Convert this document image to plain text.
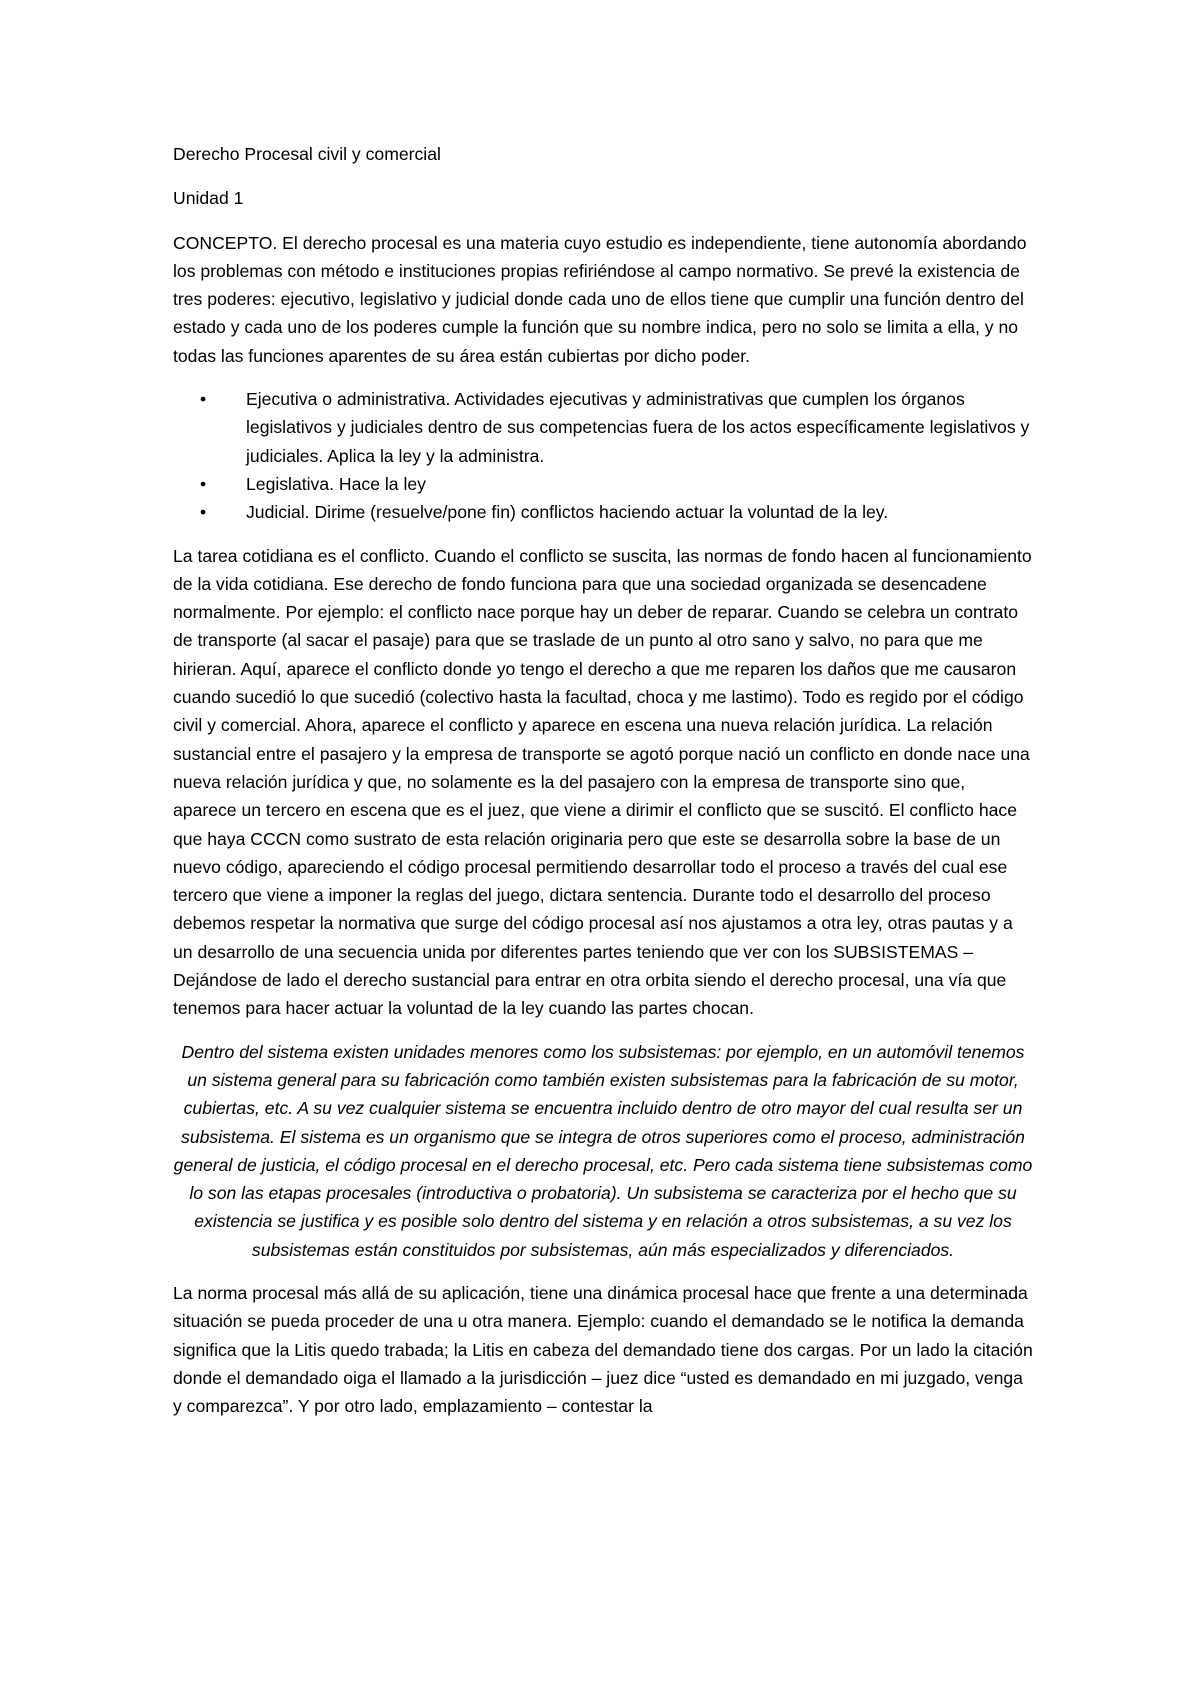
Derecho Procesal civil y comercial
Unidad 1

CONCEPTO. El derecho procesal es una materia cuyo estudio es independiente, tiene autonomía abordando los problemas con método e instituciones propias refiriéndose al campo normativo. Se prevé la existencia de tres poderes: ejecutivo, legislativo y judicial donde cada uno de ellos tiene que cumplir una función dentro del estado y cada uno de los poderes cumple la función que su nombre indica, pero no solo se limita a ella, y no todas las funciones aparentes de su área están cubiertas por dicho poder.

• Ejecutiva o administrativa. Actividades ejecutivas y administrativas que cumplen los órganos legislativos y judiciales dentro de sus competencias fuera de los actos específicamente legislativos y judiciales. Aplica la ley y la administra.
• Legislativa. Hace la ley
• Judicial. Dirime (resuelve/pone fin) conflictos haciendo actuar la voluntad de la ley.

La tarea cotidiana es el conflicto. Cuando el conflicto se suscita, las normas de fondo hacen al funcionamiento de la vida cotidiana. Ese derecho de fondo funciona para que una sociedad organizada se desencadene normalmente. Por ejemplo: el conflicto nace porque hay un deber de reparar. Cuando se celebra un contrato de transporte (al sacar el pasaje) para que se traslade de un punto al otro sano y salvo, no para que me hirieran. Aquí, aparece el conflicto donde yo tengo el derecho a que me reparen los daños que me causaron cuando sucedió lo que sucedió (colectivo hasta la facultad, choca y me lastimo). Todo es regido por el código civil y comercial. Ahora, aparece el conflicto y aparece en escena una nueva relación jurídica. La relación sustancial entre el pasajero y la empresa de transporte se agotó porque nació un conflicto en donde nace una nueva relación jurídica y que, no solamente es la del pasajero con la empresa de transporte sino que, aparece un tercero en escena que es el juez, que viene a dirimir el conflicto que se suscitó. El conflicto hace que haya CCCN como sustrato de esta relación originaria pero que este se desarrolla sobre la base de un nuevo código, apareciendo el código procesal permitiendo desarrollar todo el proceso a través del cual ese tercero que viene a imponer la reglas del juego, dictara sentencia. Durante todo el desarrollo del proceso debemos respetar la normativa que surge del código procesal así nos ajustamos a otra ley, otras pautas y a un desarrollo de una secuencia unida por diferentes partes teniendo que ver con los SUBSISTEMAS – Dejándose de lado el derecho sustancial para entrar en otra orbita siendo el derecho procesal, una vía que tenemos para hacer actuar la voluntad de la ley cuando las partes chocan.

Dentro del sistema existen unidades menores como los subsistemas: por ejemplo, en un automóvil tenemos un sistema general para su fabricación como también existen subsistemas para la fabricación de su motor, cubiertas, etc. A su vez cualquier sistema se encuentra incluido dentro de otro mayor del cual resulta ser un subsistema. El sistema es un organismo que se integra de otros superiores como el proceso, administración general de justicia, el código procesal en el derecho procesal, etc. Pero cada sistema tiene subsistemas como lo son las etapas procesales (introductiva o probatoria). Un subsistema se caracteriza por el hecho que su existencia se justifica y es posible solo dentro del sistema y en relación a otros subsistemas, a su vez los subsistemas están constituidos por subsistemas, aún más especializados y diferenciados.

La norma procesal más allá de su aplicación, tiene una dinámica procesal hace que frente a una determinada situación se pueda proceder de una u otra manera. Ejemplo: cuando el demandado se le notifica la demanda significa que la Litis quedo trabada; la Litis en cabeza del demandado tiene dos cargas. Por un lado la citación donde el demandado oiga el llamado a la jurisdicción – juez dice “usted es demandado en mi juzgado, venga y comparezca”. Y por otro lado, emplazamiento – contestar la
